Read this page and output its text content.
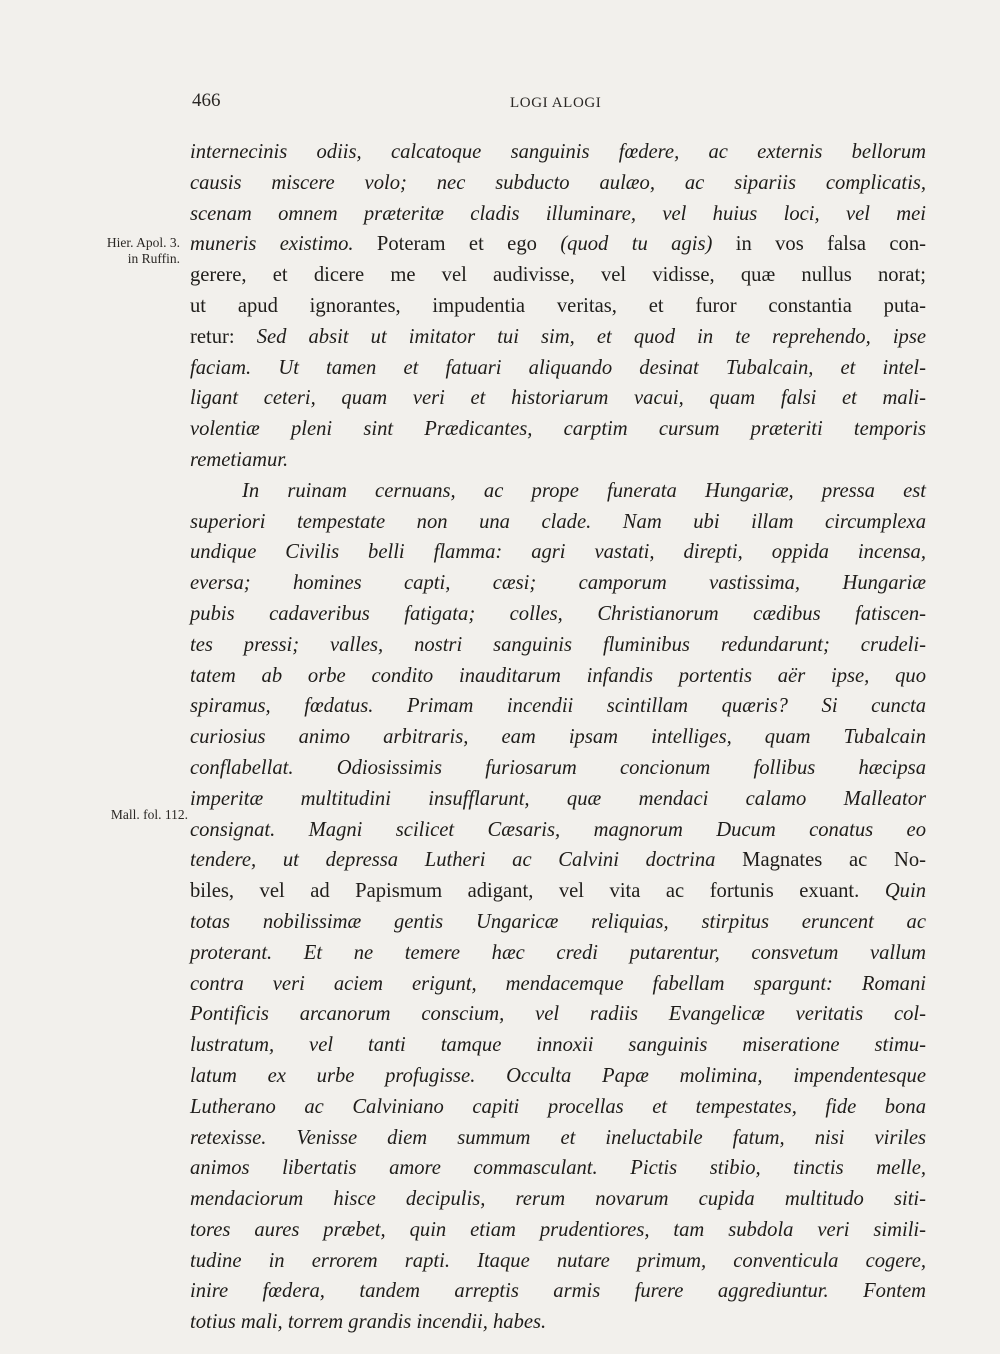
466	LOGI ALOGI
Hier. Apol. 3.
in Ruffin.
Mall. fol. 112.
internecinis odiis, calcatoque sanguinis fœdere, ac externis bellorum
causis miscere volo; nec subducto aulæo, ac sipariis complicatis,
scenam omnem præteritæ cladis illuminare, vel huius loci, vel mei
muneris existimo. Poteram et ego (quod tu agis) in vos falsa con-
gerere, et dicere me vel audivisse, vel vidisse, quæ nullus norat;
ut apud ignorantes, impudentia veritas, et furor constantia puta-
retur: Sed absit ut imitator tui sim, et quod in te reprehendo, ipse
faciam. Ut tamen et fatuari aliquando desinat Tubalcain, et intel-
ligant ceteri, quam veri et historiarum vacui, quam falsi et mali-
volentiæ pleni sint Prædicantes, carptim cursum præteriti temporis
remetiamur.
In ruinam cernuans, ac prope funerata Hungariæ, pressa est
superiori tempestate non una clade. Nam ubi illam circumplexa
undique Civilis belli flamma: agri vastati, direpti, oppida incensa,
eversa; homines capti, cæsi; camporum vastissima, Hungariæ
pubis cadaveribus fatigata; colles, Christianorum cædibus fatiscen-
tes pressi; valles, nostri sanguinis fluminibus redundarunt; crudeli-
tatem ab orbe condito inauditarum infandis portentis aër ipse, quo
spiramus, fœdatus. Primam incendii scintillam quæris? Si cuncta
curiosius animo arbitraris, eam ipsam intelliges, quam Tubalcain
conflabellat. Odiosissimis furiosarum concionum follibus hæcipsa
imperitæ multitudini insufflarunt, quæ mendaci calamo Malleator
consignat. Magni scilicet Cæsaris, magnorum Ducum conatus eo
tendere, ut depressa Lutheri ac Calvini doctrina Magnates ac No-
biles, vel ad Papismum adigant, vel vita ac fortunis exuant. Quin
totas nobilissimæ gentis Ungaricæ reliquias, stirpitus eruncent ac
proterant. Et ne temere hæc credi putarentur, consvetum vallum
contra veri aciem erigunt, mendacemque fabellam spargunt: Romani
Pontificis arcanorum conscium, vel radiis Evangelicæ veritatis col-
lustratum, vel tanti tamque innoxii sanguinis miseratione stimu-
latum ex urbe profugisse. Occulta Papæ molimina, impendentesque
Lutherano ac Calviniano capiti procellas et tempestates, fide bona
retexisse. Venisse diem summum et ineluctabile fatum, nisi viriles
animos libertatis amore commasculant. Pictis stibio, tinctis melle,
mendaciorum hisce decipulis, rerum novarum cupida multitudo siti-
tores aures præbet, quin etiam prudentiores, tam subdola veri simili-
tudine in errorem rapti. Itaque nutare primum, conventicula cogere,
inire fœdera, tandem arreptis armis furere aggrediuntur. Fontem
totius mali, torrem grandis incendii, habes.
